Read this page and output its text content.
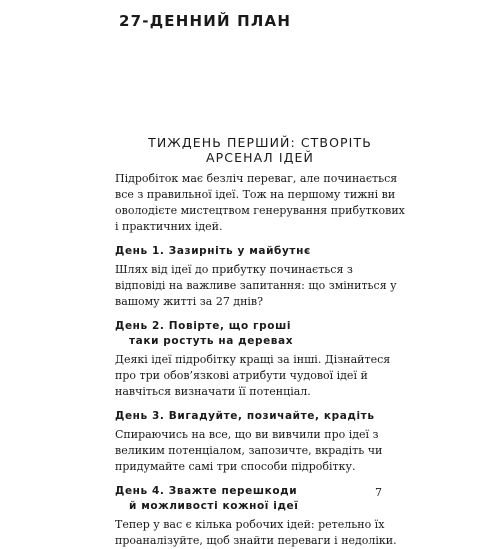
27-ДЕННИЙ ПЛАН
ТИЖДЕНЬ ПЕРШИЙ: СТВОРІТЬ АРСЕНАЛ ІДЕЙ

Підробіток має безліч переваг, але починається все з правильної ідеї. Тож на першому тижні ви оволодієте мистецтвом генерування прибуткових і практичних ідей.

День 1. Зазирніть у майбутнє

Шлях від ідеї до прибутку починається з відповіді на важливе запитання: що зміниться у вашому житті за 27 днів?

День 2. Повірте, що гроші
таки ростуть на деревах

Деякі ідеї підробітку кращі за інші. Дізнайтеся про три обов’язкові атрибути чудової ідеї й навчіться визначати її потенціал.

День 3. Вигадуйте, позичайте, крадіть

Спираючись на все, що ви вивчили про ідеї з великим потенціалом, запозичте, вкрадіть чи придумайте самі три способи підробітку.

День 4. Зважте перешкоди
й можливості кожної ідеї

Тепер у вас є кілька робочих ідей: ретельно їх проаналізуйте, щоб знайти переваги і недоліки.

7
